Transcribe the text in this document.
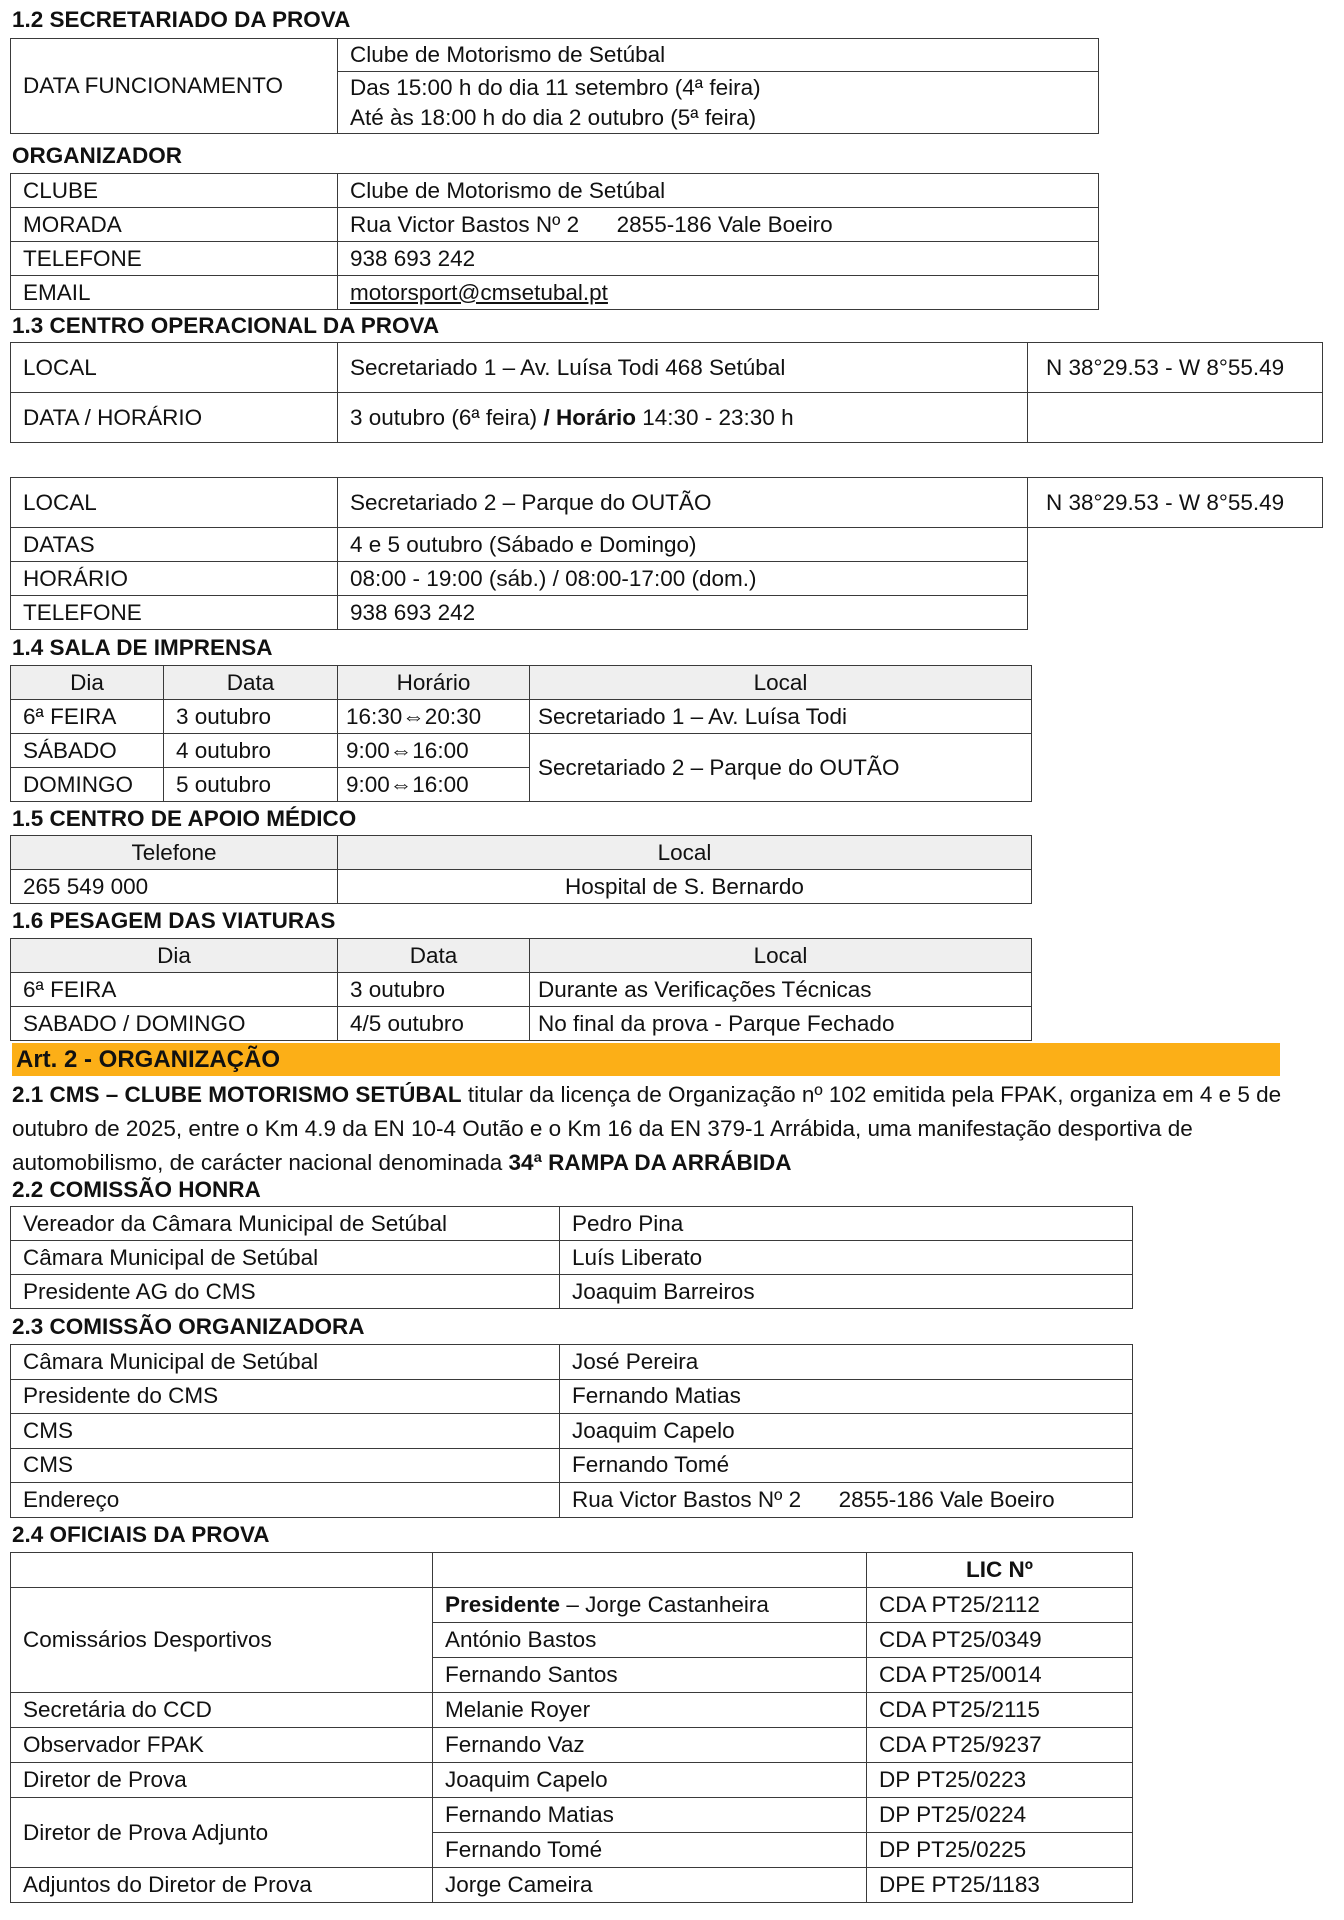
1.2 SECRETARIADO DA PROVA
DATA FUNCIONAMENTO	Clube de Motorismo de Setúbal

Das 15:00 h do dia 11 setembro (4ª feira)
Até às 18:00 h do dia 2 outubro (5ª feira)
ORGANIZADOR
CLUBE	Clube de Motorismo de Setúbal
MORADA	Rua Victor Bastos Nº 2      2855-186 Vale Boeiro
TELEFONE	938 693 242
EMAIL	motorsport@cmsetubal.pt
1.3 CENTRO OPERACIONAL DA PROVA
LOCAL	Secretariado 1 – Av. Luísa Todi 468 Setúbal	N 38°29.53 - W 8°55.49
DATA / HORÁRIO	3 outubro (6ª feira) / Horário 14:30 - 23:30 h	
LOCAL	Secretariado 2 – Parque do OUTÃO	N 38°29.53 - W 8°55.49
DATAS	4 e 5 outubro (Sábado e Domingo)	
HORÁRIO	08:00 - 19:00 (sáb.) / 08:00-17:00 (dom.)	
TELEFONE	938 693 242	
1.4 SALA DE IMPRENSA
Dia	Data	Horário	Local
6ª FEIRA	3 outubro	16:30⇔20:30	Secretariado 1 – Av. Luísa Todi
SÁBADO	4 outubro	9:00⇔16:00	Secretariado 2 – Parque do OUTÃO
DOMINGO	5 outubro	9:00⇔16:00	
1.5 CENTRO DE APOIO MÉDICO
Telefone	Local
265 549 000	Hospital de S. Bernardo
1.6 PESAGEM DAS VIATURAS
Dia	Data	Local
6ª FEIRA	3 outubro	Durante as Verificações Técnicas
SABADO / DOMINGO	4/5 outubro	No final da prova - Parque Fechado
Art. 2 - ORGANIZAÇÃO
2.1 CMS – CLUBE MOTORISMO SETÚBAL titular da licença de Organização nº 102 emitida pela FPAK, organiza em 4 e 5 de outubro de 2025, entre o Km 4.9 da EN 10-4 Outão e o Km 16 da EN 379-1 Arrábida, uma manifestação desportiva de automobilismo, de carácter nacional denominada 34ª RAMPA DA ARRÁBIDA
2.2 COMISSÃO HONRA
Vereador da Câmara Municipal de Setúbal	Pedro Pina
Câmara Municipal de Setúbal	Luís Liberato
Presidente AG do CMS	Joaquim Barreiros
2.3 COMISSÃO ORGANIZADORA
Câmara Municipal de Setúbal	José Pereira
Presidente do CMS	Fernando Matias
CMS	Joaquim Capelo
CMS	Fernando Tomé
Endereço	Rua Victor Bastos Nº 2      2855-186 Vale Boeiro
2.4 OFICIAIS DA PROVA
		LIC Nº
Comissários Desportivos	Presidente – Jorge Castanheira	CDA PT25/2112
	António Bastos	CDA PT25/0349
	Fernando Santos	CDA PT25/0014
Secretária do CCD	Melanie Royer	CDA PT25/2115
Observador FPAK	Fernando Vaz	CDA PT25/9237
Diretor de Prova	Joaquim Capelo	DP PT25/0223
Diretor de Prova Adjunto	Fernando Matias	DP PT25/0224
	Fernando Tomé	DP PT25/0225
Adjuntos do Diretor de Prova	Jorge Cameira	DPE PT25/1183
